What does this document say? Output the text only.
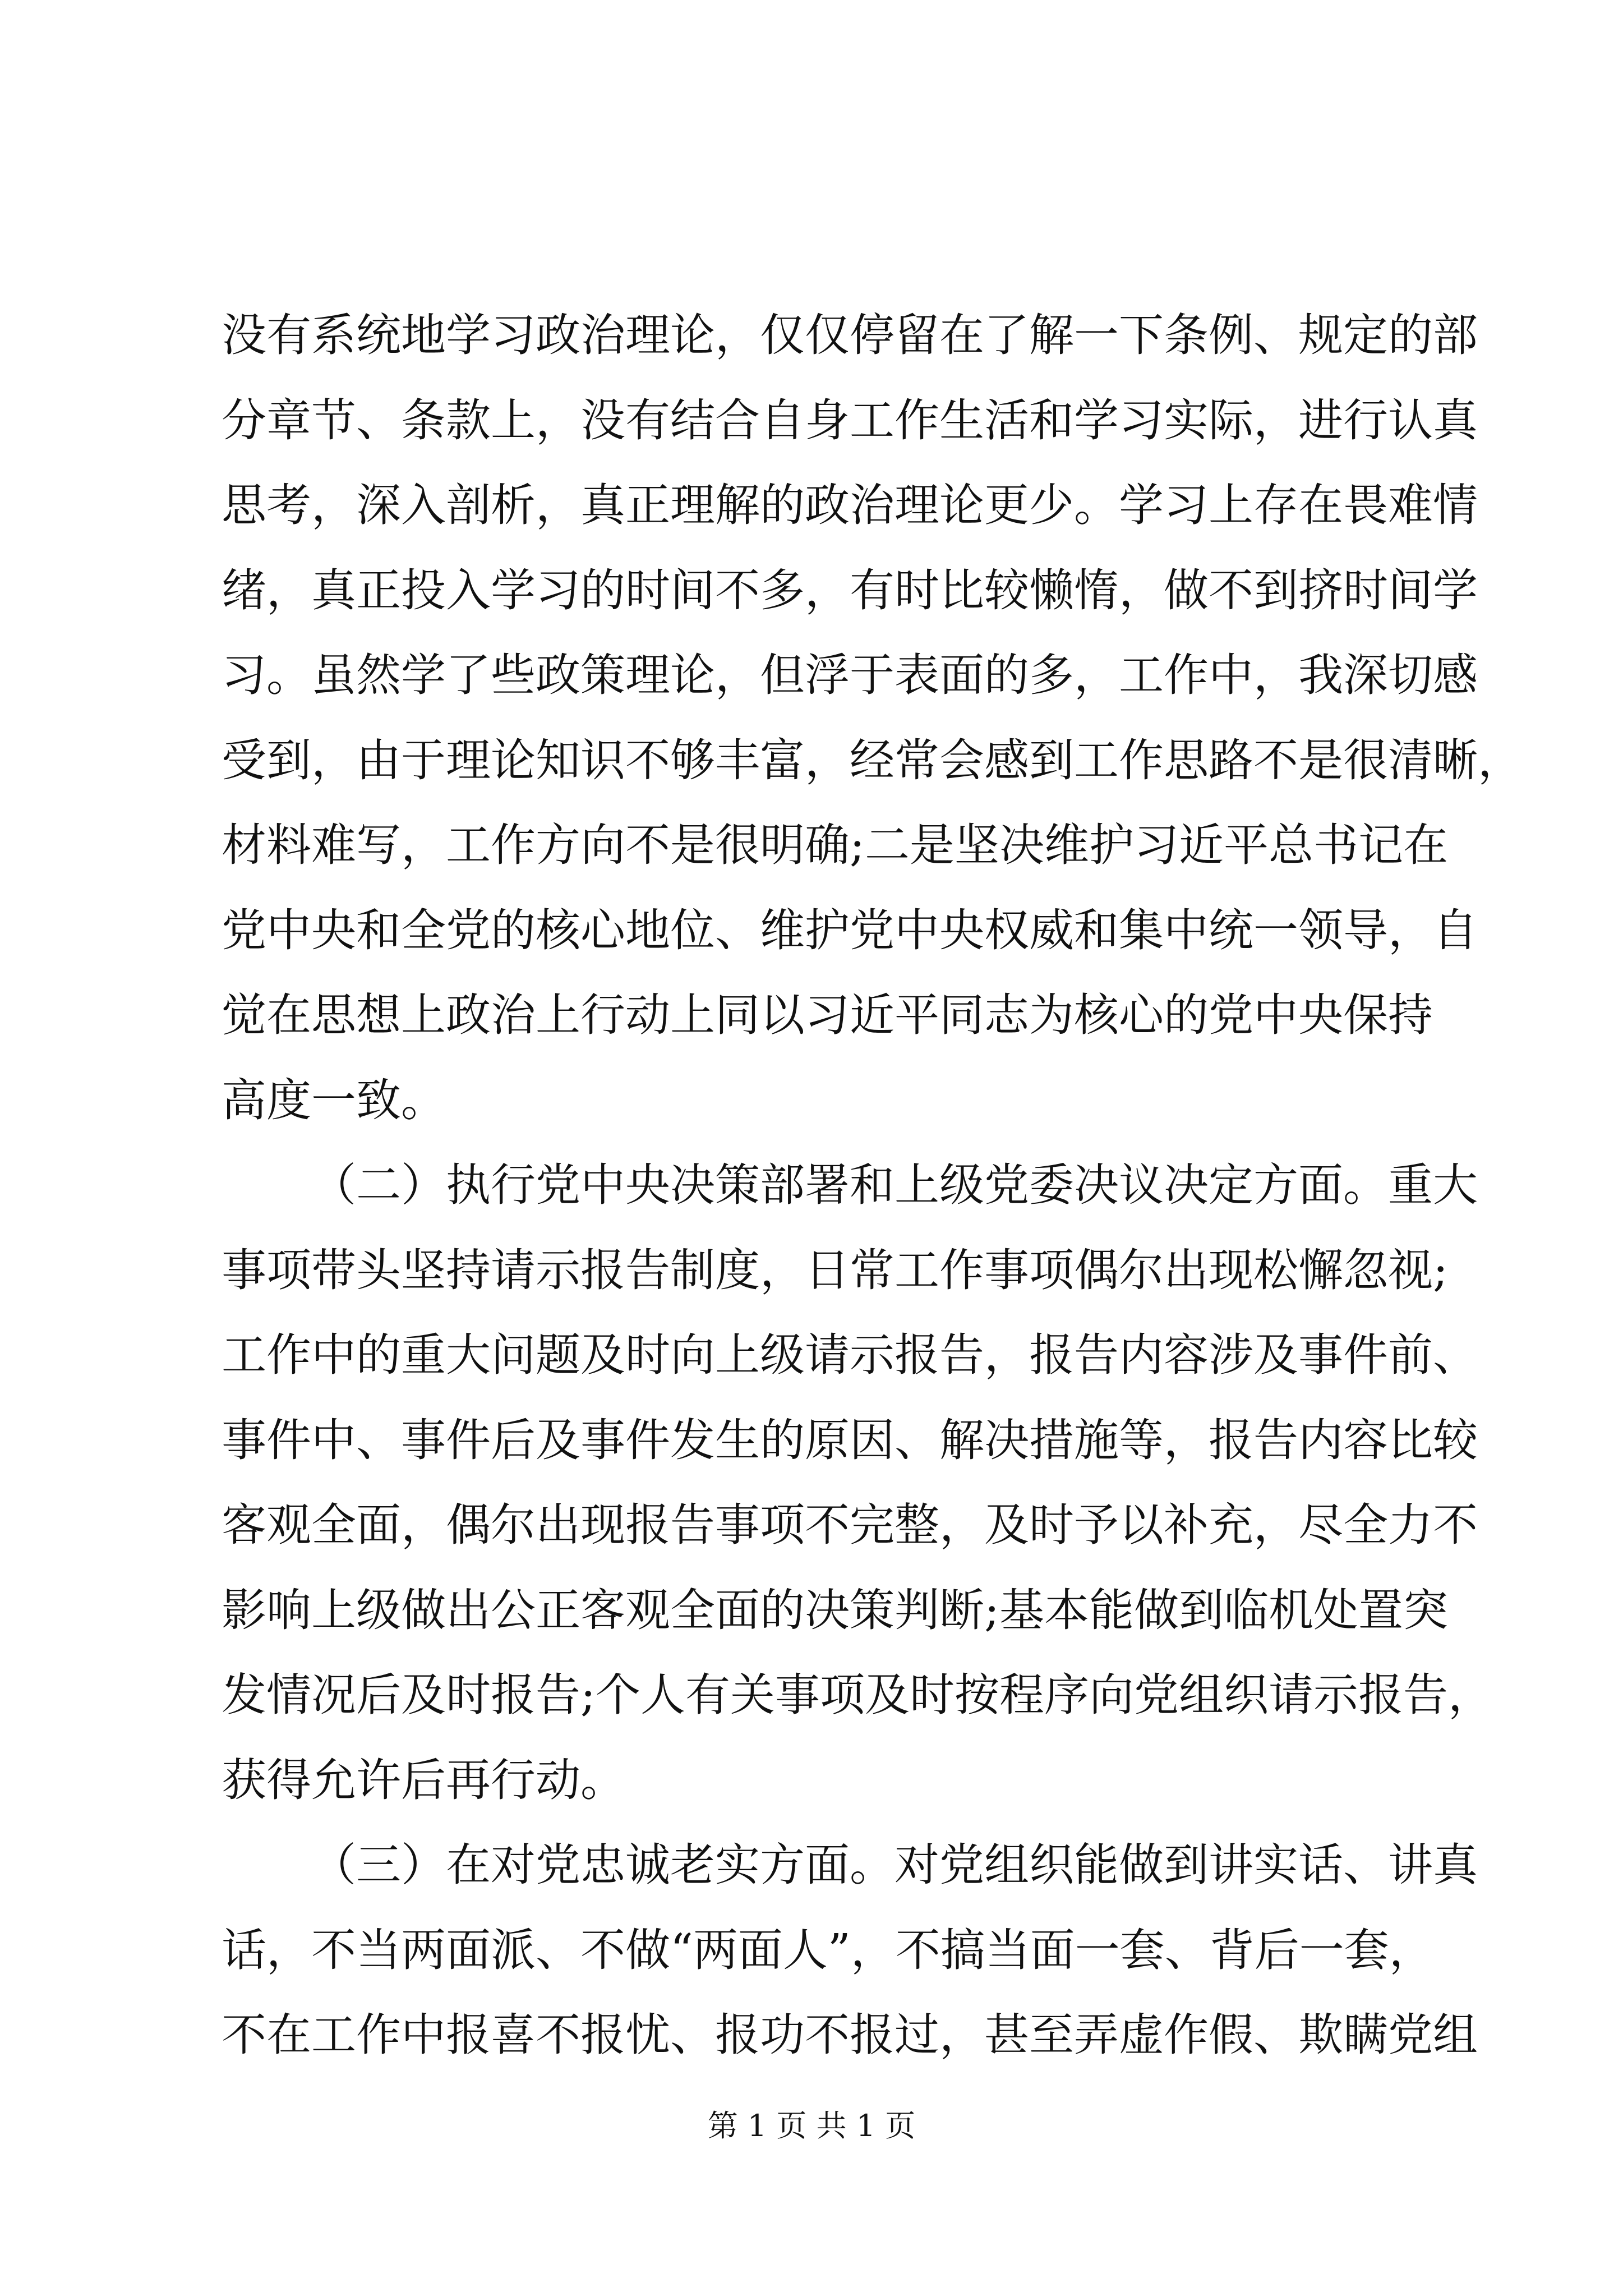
没有系统地学习政治理论，仅仅停留在了解一下条例、规定的部
分章节、条款上，没有结合自身工作生活和学习实际，进行认真
思考，深入剖析，真正理解的政治理论更少。学习上存在畏难情
绪，真正投入学习的时间不多，有时比较懒惰，做不到挤时间学
习。虽然学了些政策理论，但浮于表面的多，工作中，我深切感
受到，由于理论知识不够丰富，经常会感到工作思路不是很清晰，
材料难写，工作方向不是很明确;二是坚决维护习近平总书记在
党中央和全党的核心地位、维护党中央权威和集中统一领导，自
觉在思想上政治上行动上同以习近平同志为核心的党中央保持
高度一致。
（二）执行党中央决策部署和上级党委决议决定方面。重大
事项带头坚持请示报告制度，日常工作事项偶尔出现松懈忽视;
工作中的重大问题及时向上级请示报告，报告内容涉及事件前、
事件中、事件后及事件发生的原因、解决措施等，报告内容比较
客观全面，偶尔出现报告事项不完整，及时予以补充，尽全力不
影响上级做出公正客观全面的决策判断;基本能做到临机处置突
发情况后及时报告;个人有关事项及时按程序向党组织请示报告，
获得允许后再行动。
（三）在对党忠诚老实方面。对党组织能做到讲实话、讲真
话，不当两面派、不做“两面人”，不搞当面一套、背后一套，
不在工作中报喜不报忧、报功不报过，甚至弄虚作假、欺瞒党组
第 1 页 共 1 页
